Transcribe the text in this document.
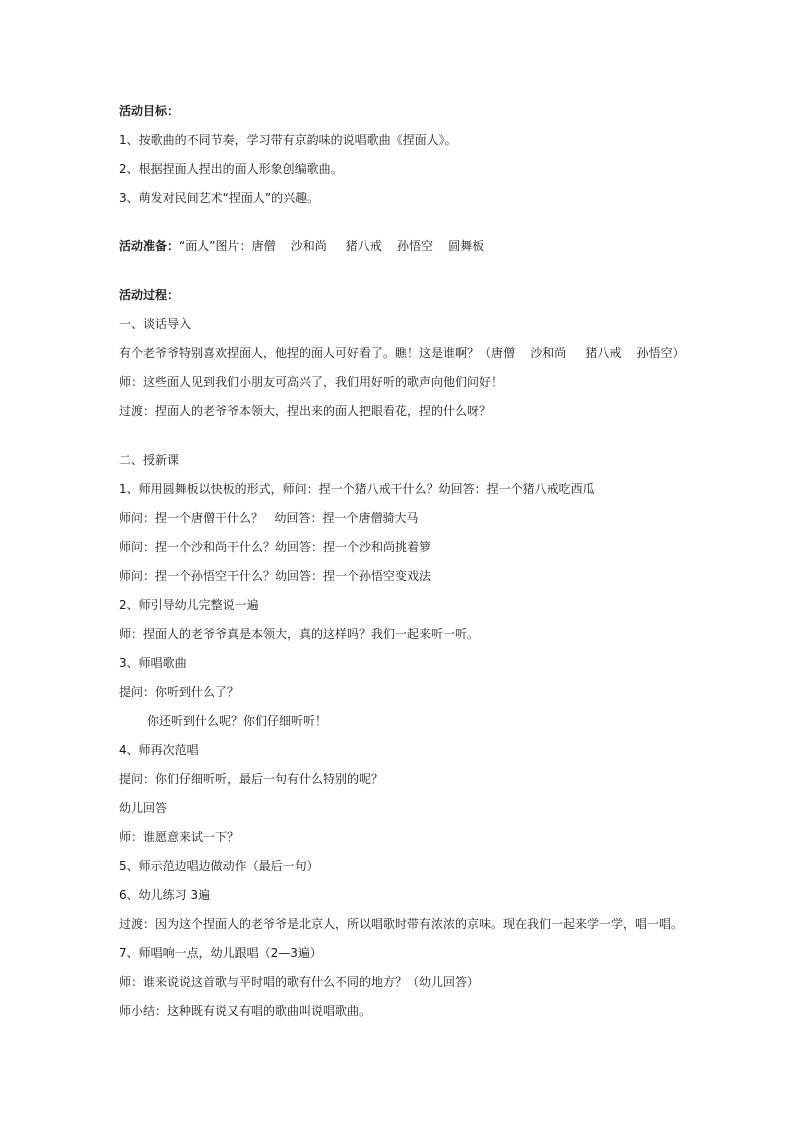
活动目标：
1、按歌曲的不同节奏，学习带有京韵味的说唱歌曲《捏面人》。
2、根据捏面人捏出的面人形象创编歌曲。
3、萌发对民间艺术“捏面人”的兴趣。
活动准备：“面人”图片：唐僧    沙和尚     猪八戒    孙悟空    圆舞板
活动过程：
一、谈话导入
有个老爷爷特别喜欢捏面人，他捏的面人可好看了。瞧！这是谁啊？（唐僧    沙和尚     猪八戒    孙悟空）
师：这些面人见到我们小朋友可高兴了，我们用好听的歌声向他们问好！
过渡：捏面人的老爷爷本领大，捏出来的面人把眼看花，捏的什么呀？
二、授新课
1、师用圆舞板以快板的形式，师问：捏一个猪八戒干什么？幼回答：捏一个猪八戒吃西瓜
师问：捏一个唐僧干什么？   幼回答：捏一个唐僧骑大马
师问：捏一个沙和尚干什么？幼回答：捏一个沙和尚挑着箩
师问：捏一个孙悟空干什么？幼回答：捏一个孙悟空变戏法
2、师引导幼儿完整说一遍
师：捏面人的老爷爷真是本领大，真的这样吗？我们一起来听一听。
3、师唱歌曲
提问：你听到什么了？
你还听到什么呢？你们仔细听听！
4、师再次范唱
提问：你们仔细听听，最后一句有什么特别的呢？
幼儿回答
师：谁愿意来试一下？
5、师示范边唱边做动作（最后一句）
6、幼儿练习 3遍
过渡：因为这个捏面人的老爷爷是北京人，所以唱歌时带有浓浓的京味。现在我们一起来学一学，唱一唱。
7、师唱响一点，幼儿跟唱（2—3遍）
师：谁来说说这首歌与平时唱的歌有什么不同的地方？（幼儿回答）
师小结：这种既有说又有唱的歌曲叫说唱歌曲。
